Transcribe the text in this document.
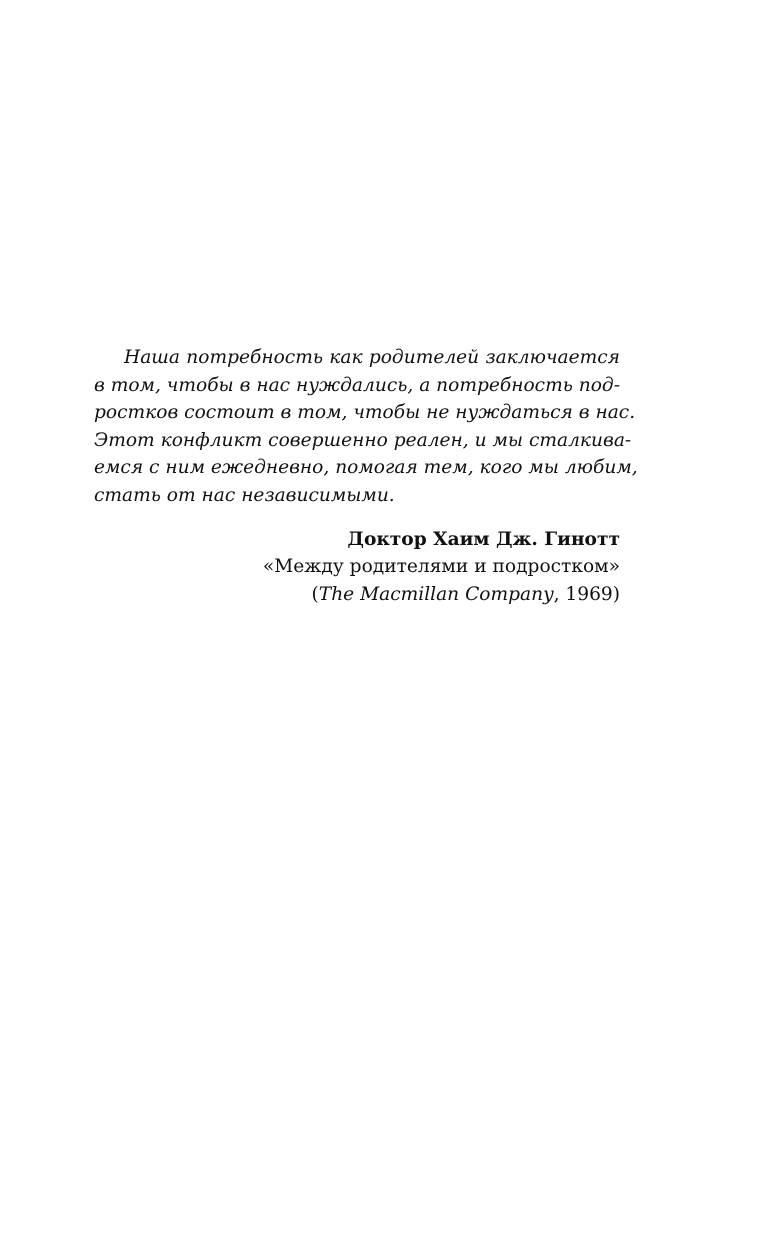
Наша потребность как родителей заключается
в том, чтобы в нас нуждались, а потребность под-
ростков состоит в том, чтобы не нуждаться в нас.
Этот конфликт совершенно реален, и мы сталкива-
емся с ним ежедневно, помогая тем, кого мы любим,
стать от нас независимыми.

Доктор Хаим Дж. Гинотт
«Между родителями и подростком»
(The Macmillan Company, 1969)
